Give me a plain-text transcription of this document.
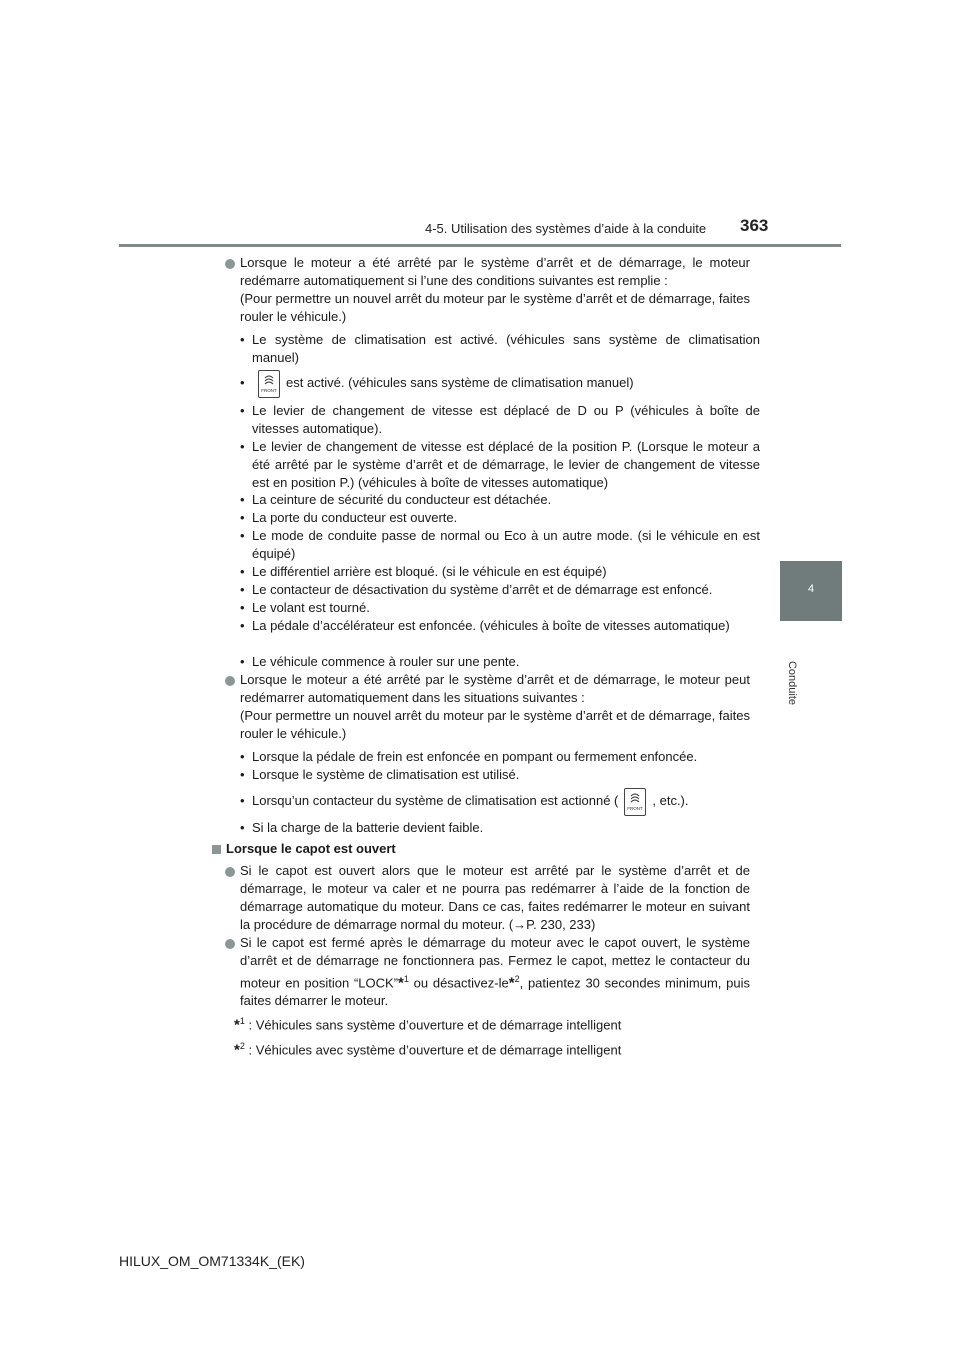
4-5. Utilisation des systèmes d’aide à la conduite 363
4
Conduite
Lorsque le moteur a été arrêté par le système d’arrêt et de démarrage, le moteur redémarre automatiquement si l’une des conditions suivantes est remplie :
(Pour permettre un nouvel arrêt du moteur par le système d’arrêt et de démarrage, faites rouler le véhicule.)
• Le système de climatisation est activé. (véhicules sans système de climatisation manuel)
•
FRONT
est activé. (véhicules sans système de climatisation manuel)
• Le levier de changement de vitesse est déplacé de D ou P (véhicules à boîte de vitesses automatique).
• Le levier de changement de vitesse est déplacé de la position P. (Lorsque le moteur a été arrêté par le système d’arrêt et de démarrage, le levier de changement de vitesse est en position P.) (véhicules à boîte de vitesses automatique)
• La ceinture de sécurité du conducteur est détachée.
• La porte du conducteur est ouverte.
• Le mode de conduite passe de normal ou Eco à un autre mode. (si le véhicule en est équipé)
• Le différentiel arrière est bloqué. (si le véhicule en est équipé)
• Le contacteur de désactivation du système d’arrêt et de démarrage est enfoncé.
• Le volant est tourné.
• La pédale d’accélérateur est enfoncée. (véhicules à boîte de vitesses automatique)
• Le véhicule commence à rouler sur une pente.
Lorsque le moteur a été arrêté par le système d’arrêt et de démarrage, le moteur peut redémarrer automatiquement dans les situations suivantes :
(Pour permettre un nouvel arrêt du moteur par le système d’arrêt et de démarrage, faites rouler le véhicule.)
• Lorsque la pédale de frein est enfoncée en pompant ou fermement enfoncée.
• Lorsque le système de climatisation est utilisé.
• Lorsqu’un contacteur du système de climatisation est actionné (
FRONT
, etc.).
• Si la charge de la batterie devient faible.
Lorsque le capot est ouvert
Si le capot est ouvert alors que le moteur est arrêté par le système d’arrêt et de démarrage, le moteur va caler et ne pourra pas redémarrer à l’aide de la fonction de démarrage automatique du moteur. Dans ce cas, faites redémarrer le moteur en suivant la procédure de démarrage normal du moteur. (→P. 230, 233)
Si le capot est fermé après le démarrage du moteur avec le capot ouvert, le système d’arrêt et de démarrage ne fonctionnera pas. Fermez le capot, mettez le contacteur du moteur en position “LOCK”*$^1$ ou désactivez-le*$^2$, patientez 30 secondes minimum, puis faites démarrer le moteur.
*$^1$ : Véhicules sans système d’ouverture et de démarrage intelligent
*$^2$ : Véhicules avec système d’ouverture et de démarrage intelligent
HILUX_OM_OM71334K_(EK)
